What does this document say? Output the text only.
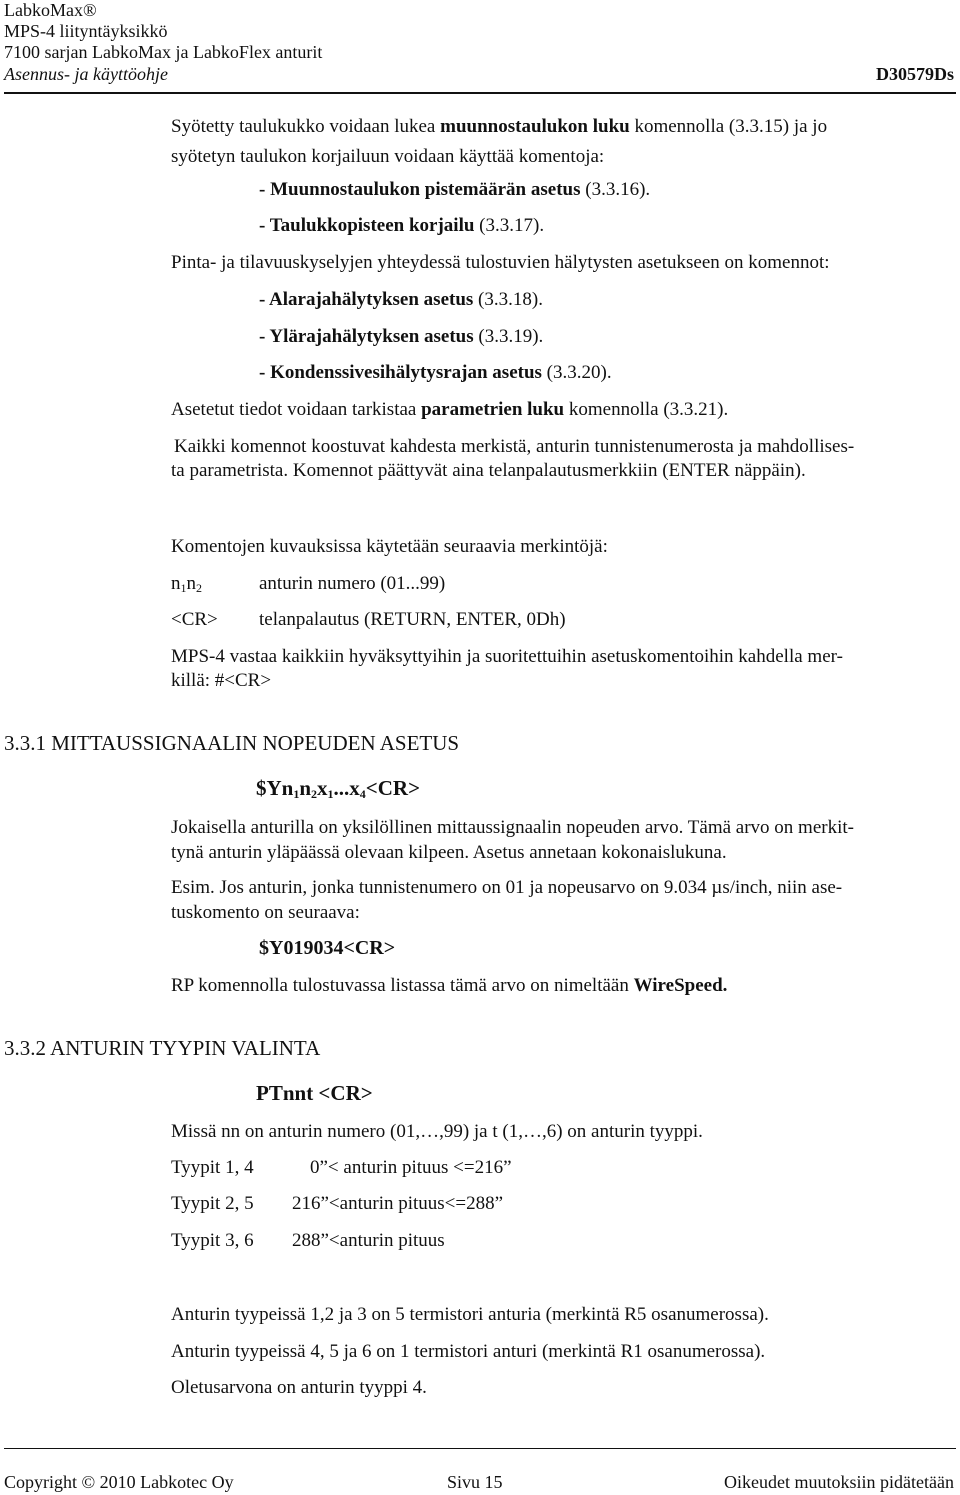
LabkoMax®
MPS-4 liityntäyksikkö
7100 sarjan LabkoMax ja LabkoFlex anturit
Asennus- ja käyttöohje	D30579Ds
Syötetty taulukukko voidaan lukea muunnostaulukon luku komennolla (3.3.15) ja jo
syötetyn taulukon korjailuun voidaan käyttää komentoja:
- Muunnostaulukon pistemäärän asetus (3.3.16).
- Taulukkopisteen korjailu (3.3.17).
Pinta- ja tilavuuskyselyjen yhteydessä tulostuvien hälytysten asetukseen on komennot:
- Alarajahälytyksen asetus (3.3.18).
- Ylärajahälytyksen asetus (3.3.19).
- Kondenssivesihälytysrajan asetus (3.3.20).
Asetetut tiedot voidaan tarkistaa parametrien luku komennolla (3.3.21).
Kaikki komennot koostuvat kahdesta merkistä, anturin tunnistenumerosta ja mahdollises-
ta parametrista. Komennot päättyvät aina telanpalautusmerkkiin (ENTER näppäin).
Komentojen kuvauksissa käytetään seuraavia merkintöjä:
$n_1n_2$	anturin numero (01...99)
<CR> telanpalautus (RETURN, ENTER, 0Dh)
MPS-4 vastaa kaikkiin hyväksyttyihin ja suoritettuihin asetuskomentoihin kahdella mer-
killä: #<CR>
3.3.1 MITTAUSSIGNAALIN NOPEUDEN ASETUS
$\$Yn_1n_2x_1...x_4<CR>$
Jokaisella anturilla on yksilöllinen mittaussignaalin nopeuden arvo. Tämä arvo on merkit-
tynä anturin yläpäässä olevaan kilpeen. Asetus annetaan kokonaislukuna.
Esim. Jos anturin, jonka tunnistenumero on 01 ja nopeusarvo on 9.034 µs/inch, niin ase-
tuskomento on seuraava:
$Y019034<CR>
RP komennolla tulostuvassa listassa tämä arvo on nimeltään WireSpeed.
3.3.2 ANTURIN TYYPIN VALINTA
PTnnt <CR>
Missä nn on anturin numero (01,…,99) ja t (1,…,6) on anturin tyyppi.
Tyypit 1, 4	0”< anturin pituus <=216”
Tyypit 2, 5 216”<anturin pituus<=288”
Tyypit 3, 6 288”<anturin pituus
Anturin tyypeissä 1,2 ja 3 on 5 termistori anturia (merkintä R5 osanumerossa).
Anturin tyypeissä 4, 5 ja 6 on 1 termistori anturi (merkintä R1 osanumerossa).
Oletusarvona on anturin tyyppi 4.
Copyright © 2010 Labkotec Oy	Sivu 15	Oikeudet muutoksiin pidätetään
